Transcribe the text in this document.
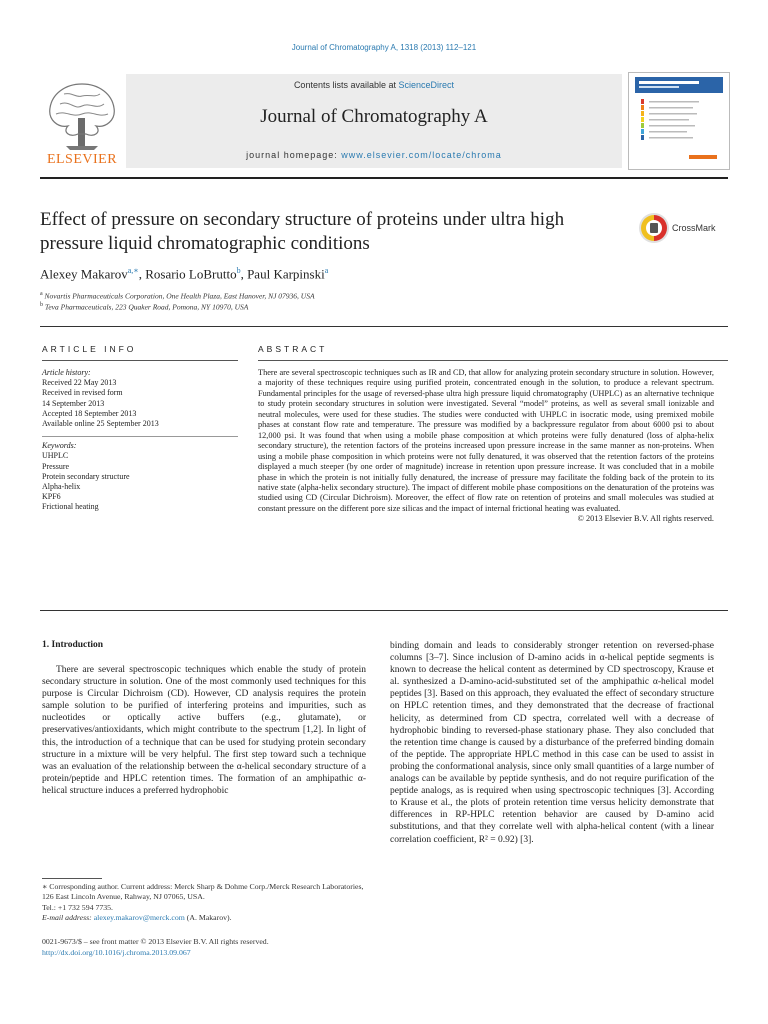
Journal of Chromatography A, 1318 (2013) 112–121
ELSEVIER
Contents lists available at ScienceDirect
Journal of Chromatography A
journal homepage: www.elsevier.com/locate/chroma
Effect of pressure on secondary structure of proteins under ultra high pressure liquid chromatographic conditions
CrossMark
Alexey Makarov$^{a,∗}$, Rosario LoBrutto$^b$, Paul Karpinski$^a$
$^a$ Novartis Pharmaceuticals Corporation, One Health Plaza, East Hanover, NJ 07936, USA
$^b$ Teva Pharmaceuticals, 223 Quaker Road, Pomona, NY 10970, USA
ARTICLE INFO	ABSTRACT
Article history:
Received 22 May 2013
Received in revised form
14 September 2013
Accepted 18 September 2013
Available online 25 September 2013
Keywords:
UHPLC
Pressure
Protein secondary structure
Alpha-helix
KPF6
Frictional heating
There are several spectroscopic techniques such as IR and CD, that allow for analyzing protein secondary structure in solution. However, a majority of these techniques require using purified protein, concentrated enough in the solution, to produce a relevant spectrum. Fundamental principles for the usage of reversed-phase ultra high pressure liquid chromatography (UHPLC) as an alternative technique to study protein secondary structures in solution were investigated. Several “model” proteins, as well as several small ionizable and neutral molecules, were used for these studies. The studies were conducted with UHPLC in isocratic mode, using premixed mobile phases at constant flow rate and temperature. The pressure was modified by a backpressure regulator from about 6000 psi to about 12,000 psi. It was found that when using a mobile phase composition at which proteins were fully denatured (loss of alpha-helix secondary structure), the retention factors of the proteins increased upon pressure increase in the same manner as non-proteins. When using a mobile phase composition in which proteins were not fully denatured, it was observed that the retention factors of the proteins displayed a much steeper (by one order of magnitude) increase in retention upon pressure increase. It was concluded that in a mobile phase in which the protein is not initially fully denatured, the increase of pressure may facilitate the folding back of the protein to its native state (alpha-helix secondary structure). The impact of different mobile phase compositions on the denaturation of the proteins was studied using CD (Circular Dichroism). Moreover, the effect of flow rate on retention of proteins and small molecules was studied at constant pressure on the different pore size silicas and the impact of internal frictional heating was evaluated.
© 2013 Elsevier B.V. All rights reserved.
1. Introduction

There are several spectroscopic techniques which enable the study of protein secondary structure in solution. One of the most commonly used techniques for this purpose is Circular Dichroism (CD). However, CD analysis requires the protein sample solution to be purified of interfering proteins and impurities, such as nucleotides or optically active buffers (e.g., glutamate), or preservatives/antioxidants, which might contribute to the spectrum [1,2]. In light of this, the introduction of a technique that can be used for studying protein secondary structure in a mixture will be very helpful. The first step toward such a technique was an evaluation of the relationship between the α-helical secondary structure of a protein/peptide and HPLC retention times. The formation of an amphipathic α-helical structure induces a preferred hydrophobic

binding domain and leads to considerably stronger retention on reversed-phase columns [3–7]. Since inclusion of D-amino acids in α-helical peptide segments is known to decrease the helical content as determined by CD spectroscopy, Krause et al. synthesized a D-amino-acid-substituted set of the amphipathic α-helical model peptides [3]. Based on this approach, they evaluated the effect of secondary structure on HPLC retention times, and they demonstrated that the decrease of fractional helicity, as determined from CD spectra, correlated well with a decrease of hydrophobic binding to reversed-phase stationary phase. They also concluded that the retention time change is caused by a disturbance of the preferred binding domain of the peptide. The appropriate HPLC method in this case can be used to assist in probing the conformational analysis, since only small quantities of a large number of analogs can be available by peptide synthesis, and do not require purification of the peptide analogs, as is required when using spectroscopic techniques [3]. According to Krause et al., the plots of protein retention time versus helicity demonstrate that differences in RP-HPLC retention behavior are caused by D-amino acid substitutions, and that they correlate well with alpha-helical content (with a linear correlation coefficient, R² = 0.92) [3].

∗ Corresponding author. Current address: Merck Sharp & Dohme Corp./Merck Research Laboratories, 126 East Lincoln Avenue, Rahway, NJ 07065, USA.
Tel.: +1 732 594 7735.
E-mail address: alexey.makarov@merck.com (A. Makarov).
0021-9673/$ – see front matter © 2013 Elsevier B.V. All rights reserved.
http://dx.doi.org/10.1016/j.chroma.2013.09.067
